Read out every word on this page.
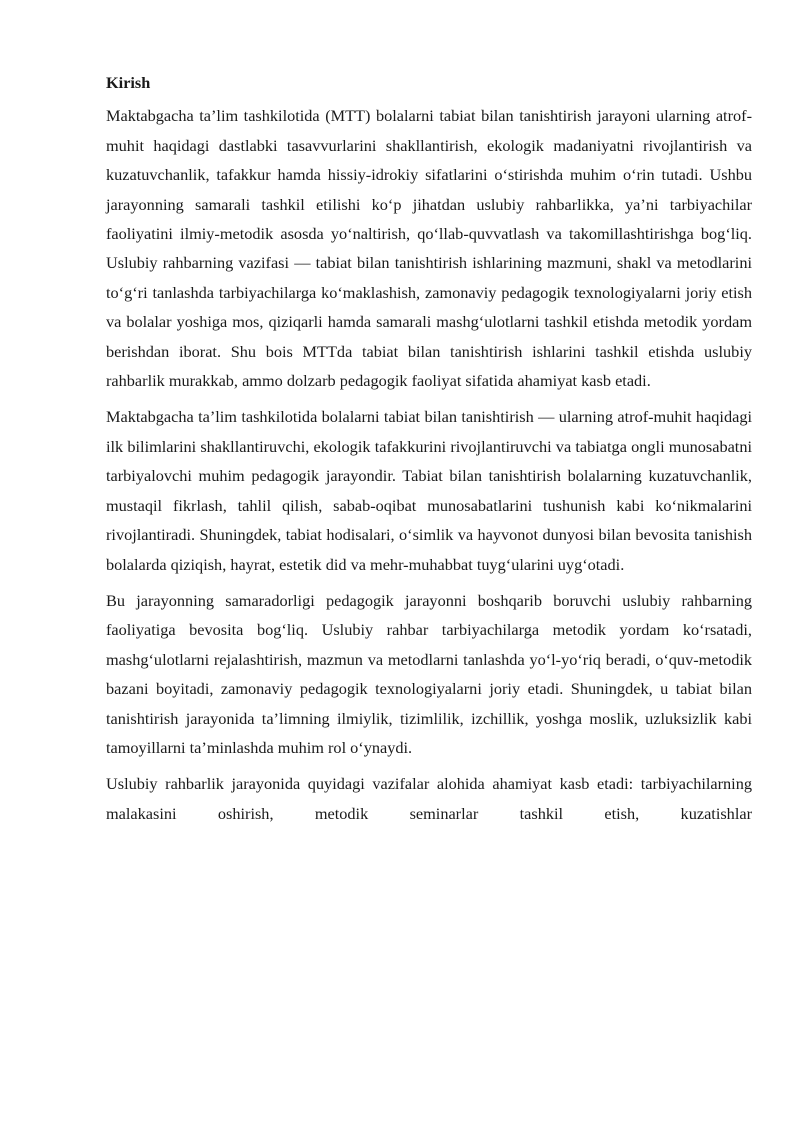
Kirish

Maktabgacha ta’lim tashkilotida (MTT) bolalarni tabiat bilan tanishtirish jarayoni ularning atrof-muhit haqidagi dastlabki tasavvurlarini shakllantirish, ekologik madaniyatni rivojlantirish va kuzatuvchanlik, tafakkur hamda hissiy-idrokiy sifatlarini o‘stirishda muhim o‘rin tutadi. Ushbu jarayonning samarali tashkil etilishi ko‘p jihatdan uslubiy rahbarlikka, ya’ni tarbiyachilar faoliyatini ilmiy-metodik asosda yo‘naltirish, qo‘llab-quvvatlash va takomillashtirishga bog‘liq. Uslubiy rahbarning vazifasi — tabiat bilan tanishtirish ishlarining mazmuni, shakl va metodlarini to‘g‘ri tanlashda tarbiyachilarga ko‘maklashish, zamonaviy pedagogik texnologiyalarni joriy etish va bolalar yoshiga mos, qiziqarli hamda samarali mashg‘ulotlarni tashkil etishda metodik yordam berishdan iborat. Shu bois MTTda tabiat bilan tanishtirish ishlarini tashkil etishda uslubiy rahbarlik murakkab, ammo dolzarb pedagogik faoliyat sifatida ahamiyat kasb etadi.

Maktabgacha ta’lim tashkilotida bolalarni tabiat bilan tanishtirish — ularning atrof-muhit haqidagi ilk bilimlarini shakllantiruvchi, ekologik tafakkurini rivojlantiruvchi va tabiatga ongli munosabatni tarbiyalovchi muhim pedagogik jarayondir. Tabiat bilan tanishtirish bolalarning kuzatuvchanlik, mustaqil fikrlash, tahlil qilish, sabab-oqibat munosabatlarini tushunish kabi ko‘nikmalarini rivojlantiradi. Shuningdek, tabiat hodisalari, o‘simlik va hayvonot dunyosi bilan bevosita tanishish bolalarda qiziqish, hayrat, estetik did va mehr-muhabbat tuyg‘ularini uyg‘otadi.

Bu jarayonning samaradorligi pedagogik jarayonni boshqarib boruvchi uslubiy rahbarning faoliyatiga bevosita bog‘liq. Uslubiy rahbar tarbiyachilarga metodik yordam ko‘rsatadi, mashg‘ulotlarni rejalashtirish, mazmun va metodlarni tanlashda yo‘l-yo‘riq beradi, o‘quv-metodik bazani boyitadi, zamonaviy pedagogik texnologiyalarni joriy etadi. Shuningdek, u tabiat bilan tanishtirish jarayonida ta’limning ilmiylik, tizimlilik, izchillik, yoshga moslik, uzluksizlik kabi tamoyillarni ta’minlashda muhim rol o‘ynaydi.

Uslubiy rahbarlik jarayonida quyidagi vazifalar alohida ahamiyat kasb etadi: tarbiyachilarning malakasini oshirish, metodik seminarlar tashkil etish, kuzatishlar
